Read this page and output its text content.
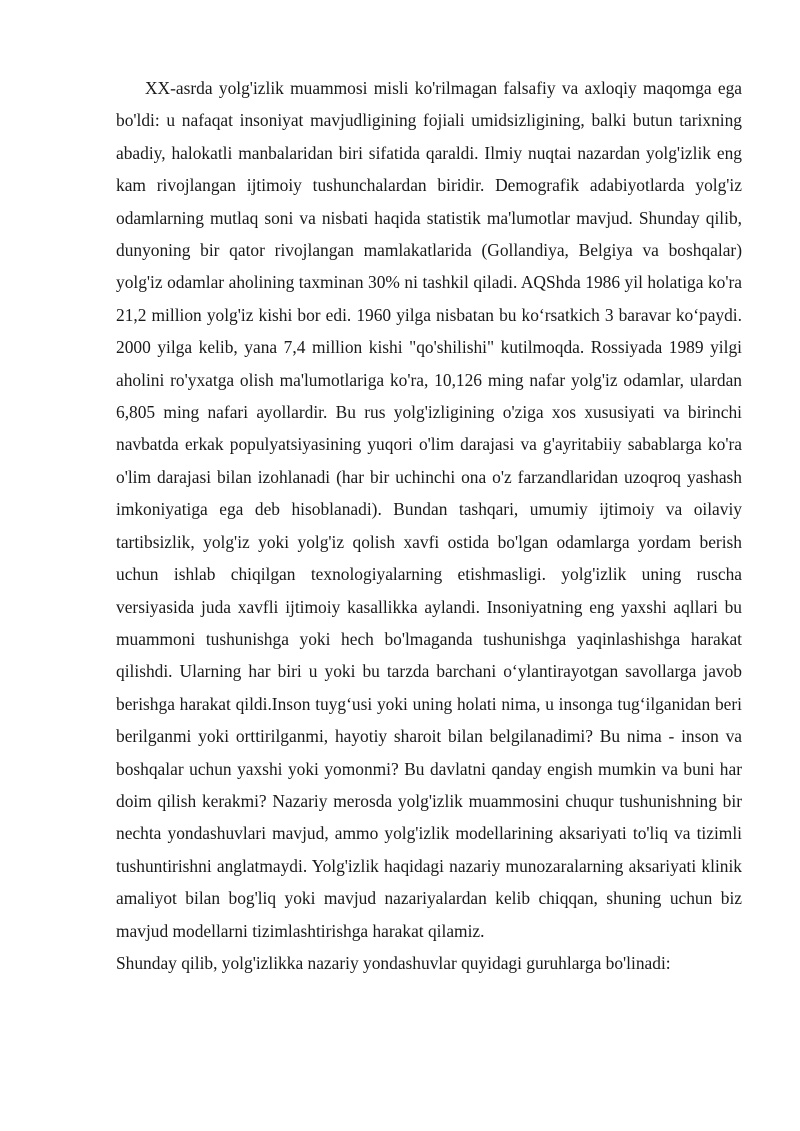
XX-asrda yolg'izlik muammosi misli ko'rilmagan falsafiy va axloqiy maqomga ega bo'ldi: u nafaqat insoniyat mavjudligining fojiali umidsizligining, balki butun tarixning abadiy, halokatli manbalaridan biri sifatida qaraldi. Ilmiy nuqtai nazardan yolg'izlik eng kam rivojlangan ijtimoiy tushunchalardan biridir. Demografik adabiyotlarda yolg'iz odamlarning mutlaq soni va nisbati haqida statistik ma'lumotlar mavjud. Shunday qilib, dunyoning bir qator rivojlangan mamlakatlarida (Gollandiya, Belgiya va boshqalar) yolg'iz odamlar aholining taxminan 30% ni tashkil qiladi. AQShda 1986 yil holatiga ko'ra 21,2 million yolg'iz kishi bor edi. 1960 yilga nisbatan bu ko‘rsatkich 3 baravar ko‘paydi. 2000 yilga kelib, yana 7,4 million kishi "qo'shilishi" kutilmoqda. Rossiyada 1989 yilgi aholini ro'yxatga olish ma'lumotlariga ko'ra, 10,126 ming nafar yolg'iz odamlar, ulardan 6,805 ming nafari ayollardir. Bu rus yolg'izligining o'ziga xos xususiyati va birinchi navbatda erkak populyatsiyasining yuqori o'lim darajasi va g'ayritabiiy sabablarga ko'ra o'lim darajasi bilan izohlanadi (har bir uchinchi ona o'z farzandlaridan uzoqroq yashash imkoniyatiga ega deb hisoblanadi). Bundan tashqari, umumiy ijtimoiy va oilaviy tartibsizlik, yolg'iz yoki yolg'iz qolish xavfi ostida bo'lgan odamlarga yordam berish uchun ishlab chiqilgan texnologiyalarning etishmasligi. yolg'izlik uning ruscha versiyasida juda xavfli ijtimoiy kasallikka aylandi. Insoniyatning eng yaxshi aqllari bu muammoni tushunishga yoki hech bo'lmaganda tushunishga yaqinlashishga harakat qilishdi. Ularning har biri u yoki bu tarzda barchani o‘ylantirayotgan savollarga javob berishga harakat qildi.Inson tuyg‘usi yoki uning holati nima, u insonga tug‘ilganidan beri berilganmi yoki orttirilganmi, hayotiy sharoit bilan belgilanadimi? Bu nima - inson va boshqalar uchun yaxshi yoki yomonmi? Bu davlatni qanday engish mumkin va buni har doim qilish kerakmi? Nazariy merosda yolg'izlik muammosini chuqur tushunishning bir nechta yondashuvlari mavjud, ammo yolg'izlik modellarining aksariyati to'liq va tizimli tushuntirishni anglatmaydi. Yolg'izlik haqidagi nazariy munozaralarning aksariyati klinik amaliyot bilan bog'liq yoki mavjud nazariyalardan kelib chiqqan, shuning uchun biz mavjud modellarni tizimlashtirishga harakat qilamiz.

Shunday qilib, yolg'izlikka nazariy yondashuvlar quyidagi guruhlarga bo'linadi:
